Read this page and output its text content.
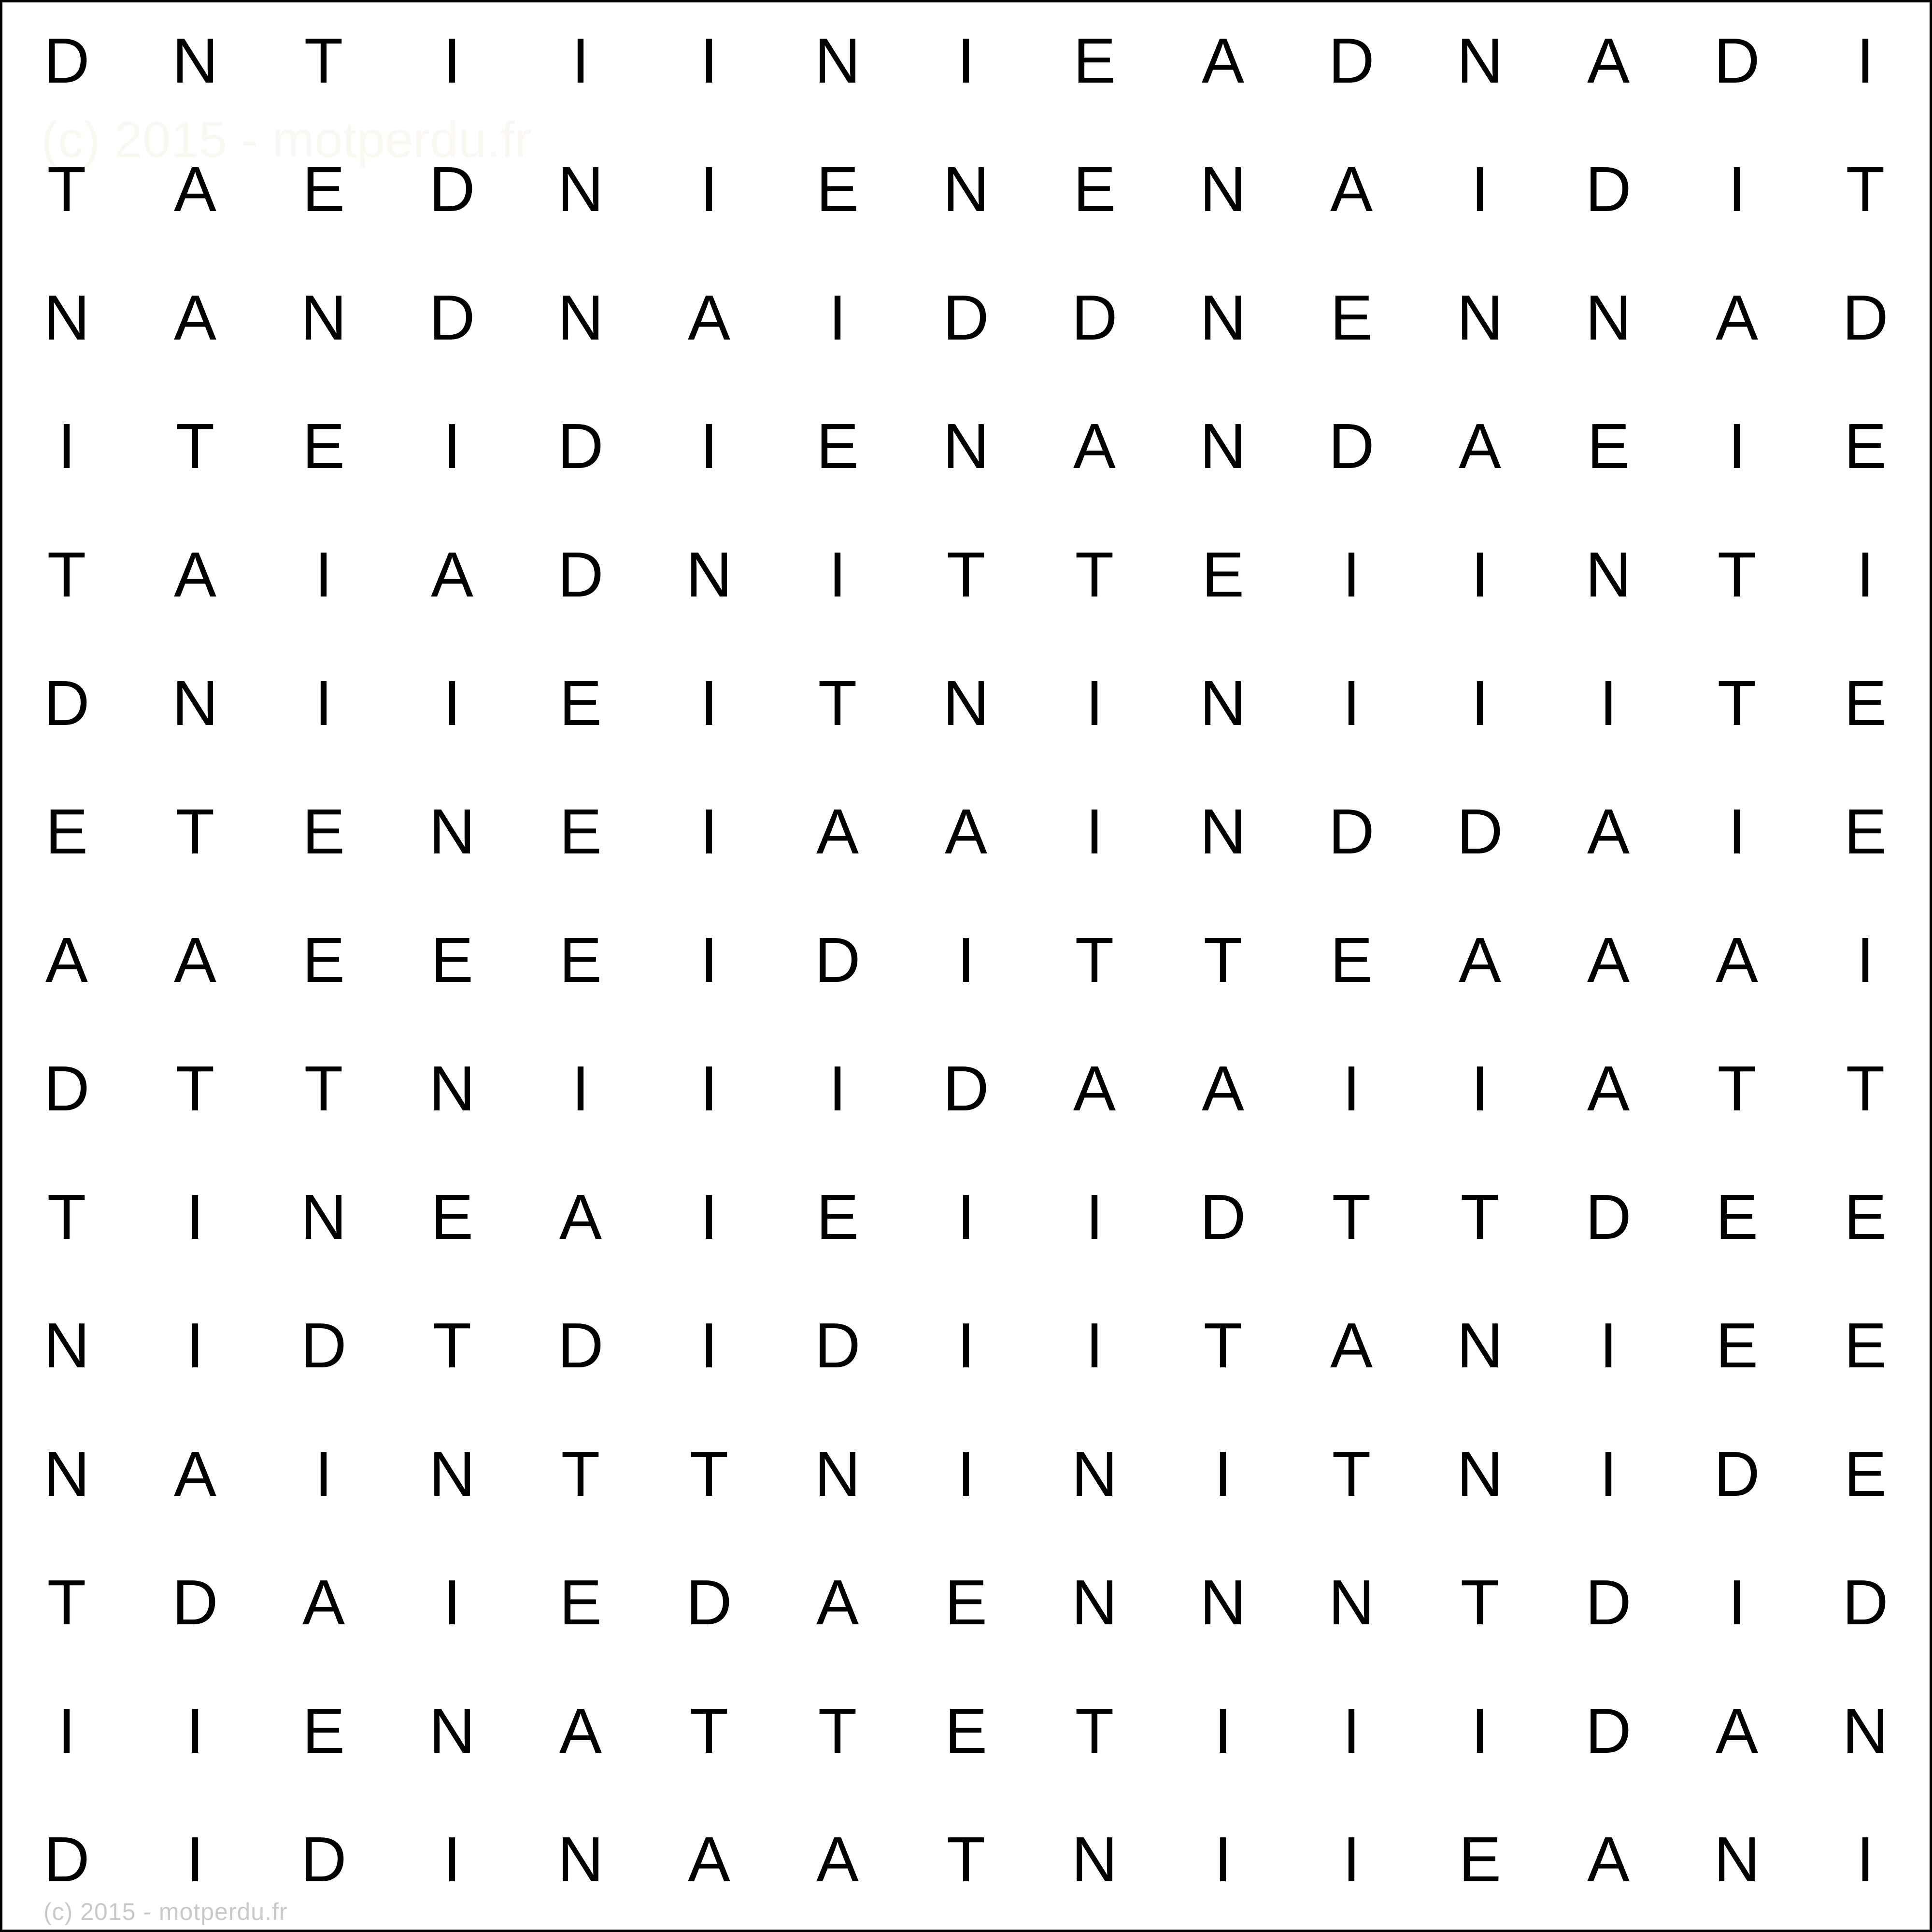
(c) 2015 - motperdu.fr
D	N	T	I	I	I	N	I	E	A	D	N	A	D	I
T	A	E	D	N	I	E	N	E	N	A	I	D	I	T
N	A	N	D	N	A	I	D	D	N	E	N	N	A	D
I	T	E	I	D	I	E	N	A	N	D	A	E	I	E
T	A	I	A	D	N	I	T	T	E	I	I	N	T	I
D	N	I	I	E	I	T	N	I	N	I	I	I	T	E
E	T	E	N	E	I	A	A	I	N	D	D	A	I	E
A	A	E	E	E	I	D	I	T	T	E	A	A	A	I
D	T	T	N	I	I	I	D	A	A	I	I	A	T	T
T	I	N	E	A	I	E	I	I	D	T	T	D	E	E
N	I	D	T	D	I	D	I	I	T	A	N	I	E	E
N	A	I	N	T	T	N	I	N	I	T	N	I	D	E
T	D	A	I	E	D	A	E	N	N	N	T	D	I	D
I	I	E	N	A	T	T	E	T	I	I	I	D	A	N
D	I	D	I	N	A	A	T	N	I	I	E	A	N	I
(c) 2015 - motperdu.fr
